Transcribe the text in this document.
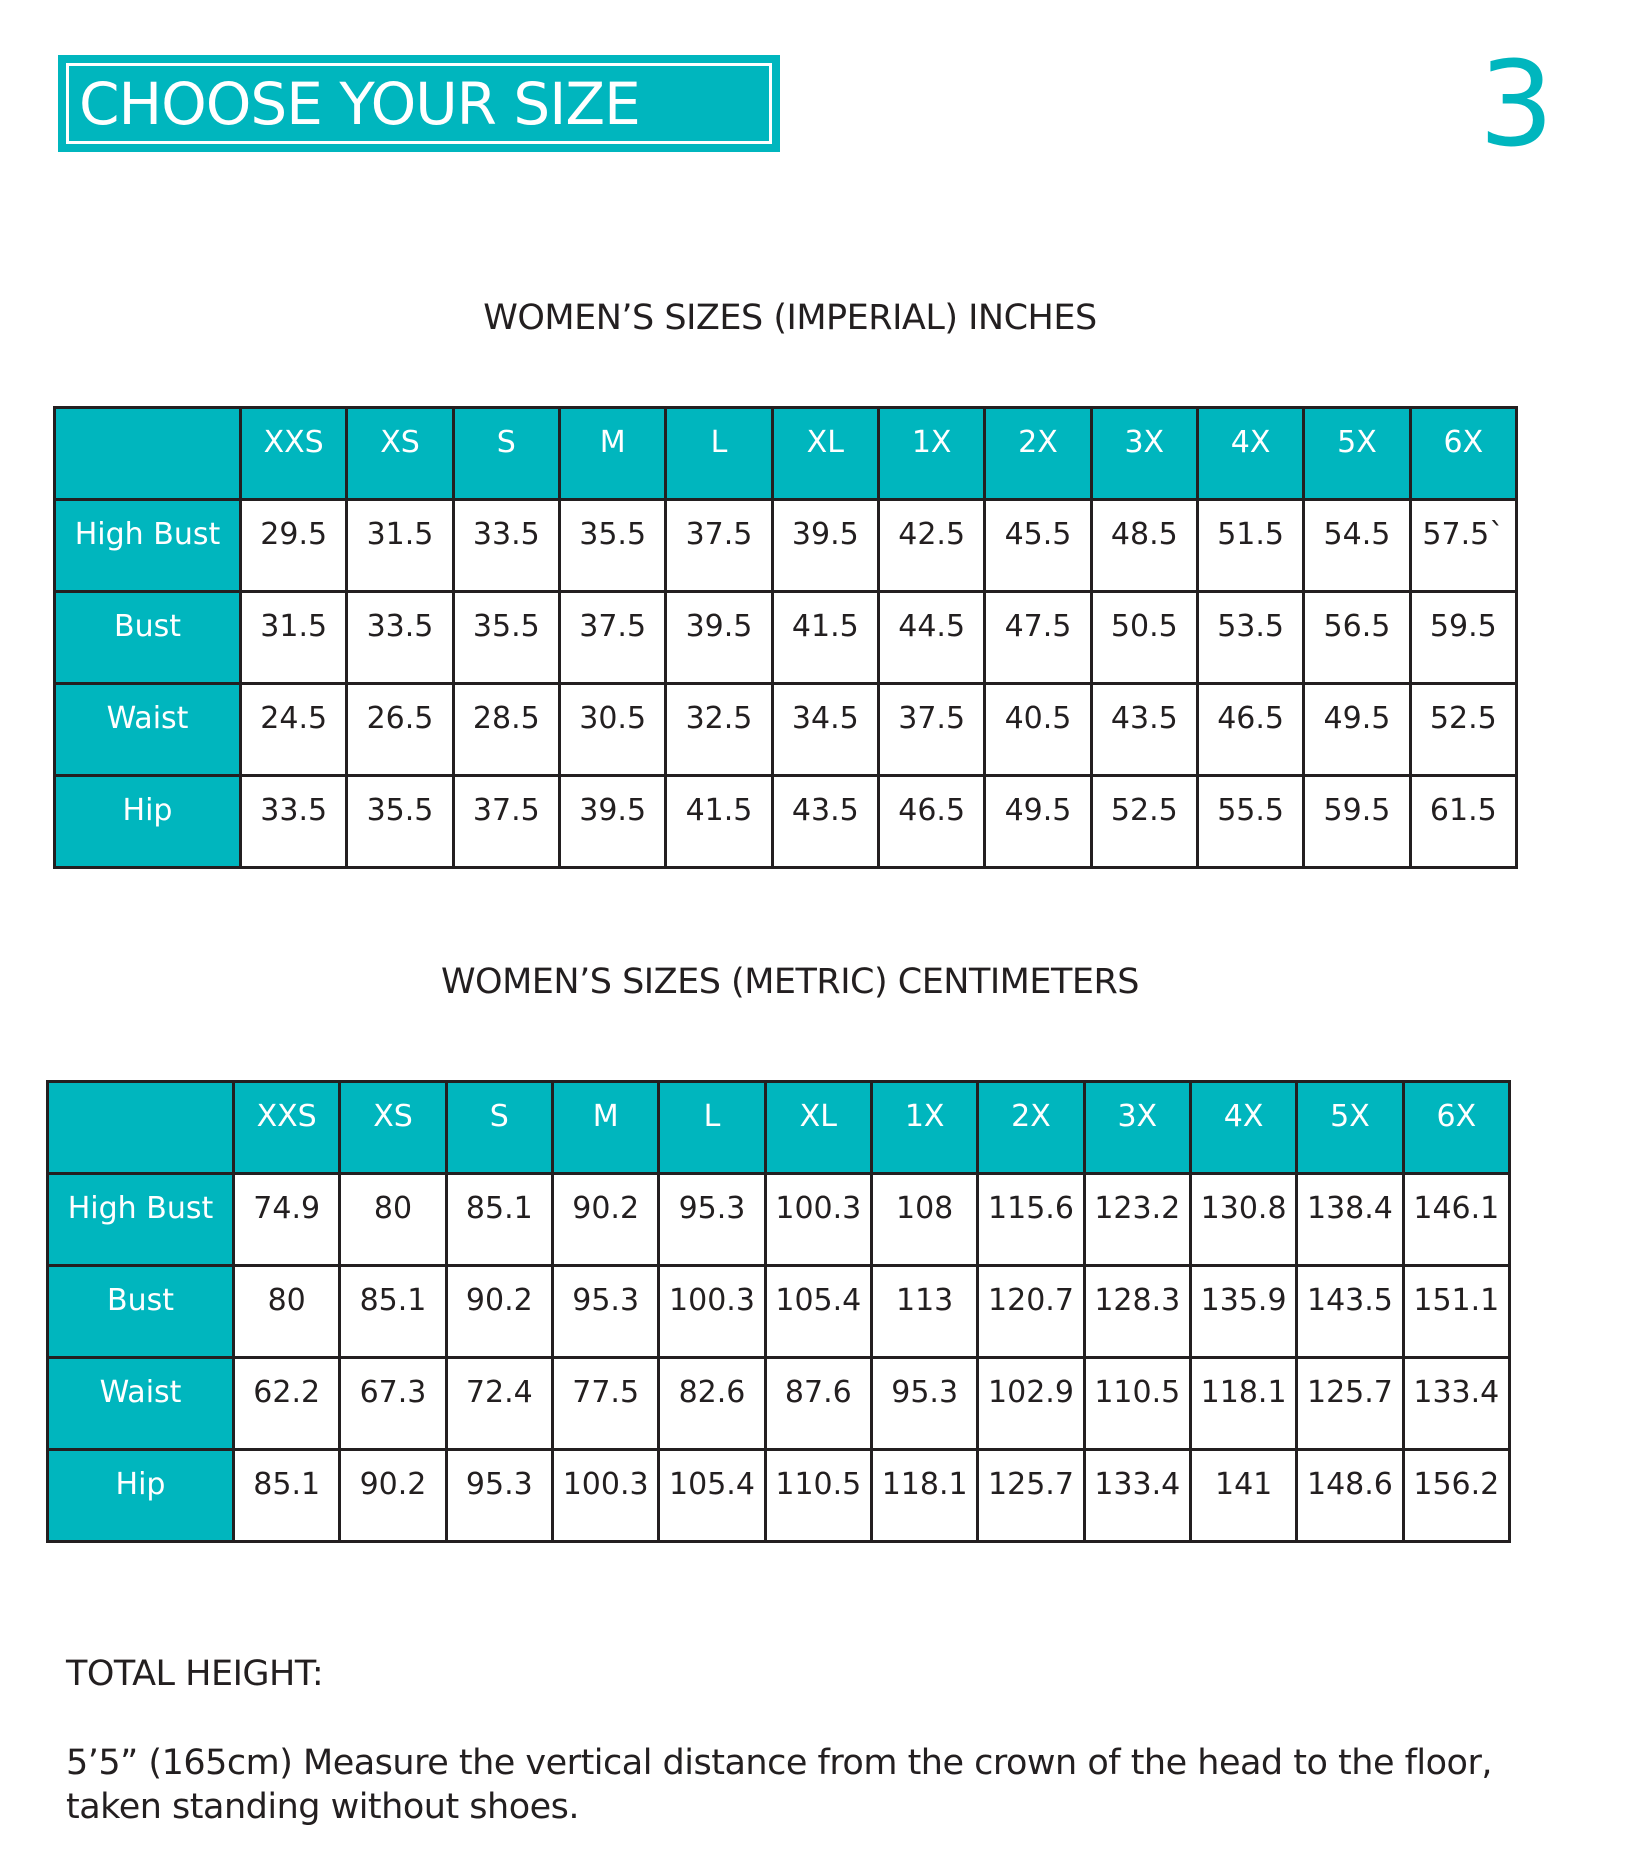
CHOOSE YOUR SIZE	3
WOMEN’S SIZES (IMPERIAL) INCHES
	XXS	XS	S	M	L	XL	1X	2X	3X	4X	5X	6X
High Bust	29.5	31.5	33.5	35.5	37.5	39.5	42.5	45.5	48.5	51.5	54.5	57.5`
Bust	31.5	33.5	35.5	37.5	39.5	41.5	44.5	47.5	50.5	53.5	56.5	59.5
Waist	24.5	26.5	28.5	30.5	32.5	34.5	37.5	40.5	43.5	46.5	49.5	52.5
Hip	33.5	35.5	37.5	39.5	41.5	43.5	46.5	49.5	52.5	55.5	59.5	61.5
WOMEN’S SIZES (METRIC) CENTIMETERS
	XXS	XS	S	M	L	XL	1X	2X	3X	4X	5X	6X
High Bust	74.9	80	85.1	90.2	95.3	100.3	108	115.6	123.2	130.8	138.4	146.1
Bust	80	85.1	90.2	95.3	100.3	105.4	113	120.7	128.3	135.9	143.5	151.1
Waist	62.2	67.3	72.4	77.5	82.6	87.6	95.3	102.9	110.5	118.1	125.7	133.4
Hip	85.1	90.2	95.3	100.3	105.4	110.5	118.1	125.7	133.4	141	148.6	156.2
TOTAL HEIGHT:
5’5” (165cm) Measure the vertical distance from the crown of the head to the floor, taken standing without shoes.
